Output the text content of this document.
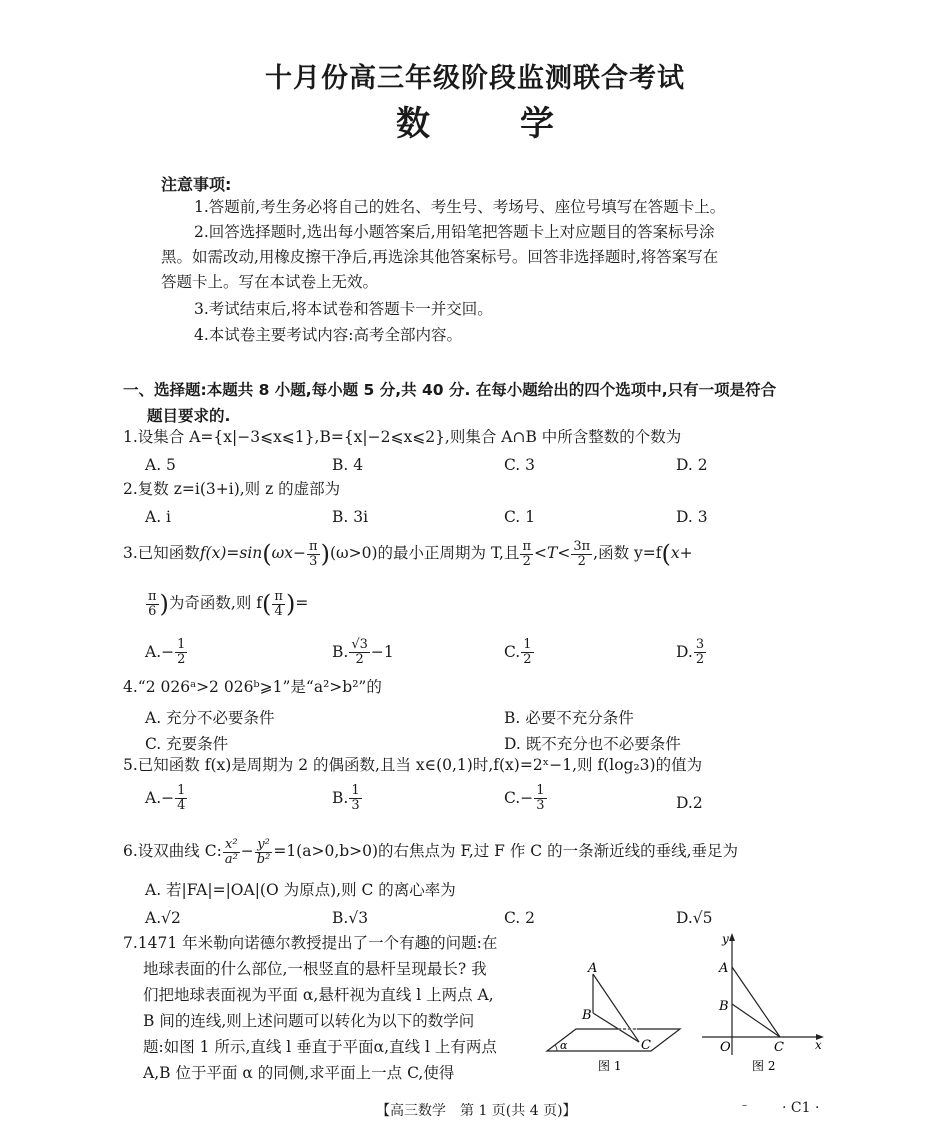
十月份高三年级阶段监测联合考试
数	学
注意事项:
1.答题前,考生务必将自己的姓名、考生号、考场号、座位号填写在答题卡上。
2.回答选择题时,选出每小题答案后,用铅笔把答题卡上对应题目的答案标号涂
黑。如需改动,用橡皮擦干净后,再选涂其他答案标号。回答非选择题时,将答案写在
答题卡上。写在本试卷上无效。
3.考试结束后,将本试卷和答题卡一并交回。
4.本试卷主要考试内容:高考全部内容。
一、选择题:本题共 8 小题,每小题 5 分,共 40 分. 在每小题给出的四个选项中,只有一项是符合
题目要求的.
1.设集合 A={x|−3⩽x⩽1},B={x|−2⩽x⩽2},则集合 A∩B 中所含整数的个数为
A. 5	B. 4	C. 3	D. 2
2.复数 z=i(3+i),则 z 的虚部为
A. i	B. 3i	C. 1	D. 3
3. 已知函数 f(x)=sin ( $\omega x- \frac{\pi}{3}$ ) (ω>0)的最小正周期为 T,且 $\frac{\pi}{2} <T< \frac{3\pi}{2}$ ,函数 y=f ( x+
$\frac{\pi}{6}$ ) 为奇函数,则 f ( $\frac{\pi}{4}$ ) =
A. − $\frac{1}{2}$	B. $\frac{√3}{2} -1$	C. $\frac{1}{2}$	D. $\frac{3}{2}$
4.“2 026ᵃ>2 026ᵇ⩾1”是“a²>b²”的
A. 充分不必要条件	B. 必要不充分条件
C. 充要条件	D. 既不充分也不必要条件
5.已知函数 f(x)是周期为 2 的偶函数,且当 x∈(0,1)时,f(x)=2ˣ−1,则 f(log₂3)的值为
A. − $\frac{1}{4}$	B. $\frac{1}{3}$	C. − $\frac{1}{3}$	D.2
6. 设双曲线 C: $\frac{\text{x²}}{\text{a²}} - \frac{\text{y²}}{\text{b²}} =1(a>0,b>0)$的右焦点为 F,过 F 作 C 的一条渐近线的垂线,垂足为
A. 若|FA|=|OA|(O 为原点),则 C 的离心率为
A.√2	B.√3	C. 2	D.√5
7.1471 年米勒向诺德尔教授提出了一个有趣的问题:在
地球表面的什么部位,一根竖直的悬杆呈现最长? 我
们把地球表面视为平面 α,悬杆视为直线 l 上两点 A,
B 间的连线,则上述问题可以转化为以下的数学问
题:如图 1 所示,直线 l 垂直于平面α,直线 l 上有两点
A,B 位于平面 α 的同侧,求平面上一点 C,使得
A
B
C
α
图 1
y
A
B
O	C	x
图 2
【高三数学　第 1 页(共 4 页)】	–	· C1 ·
